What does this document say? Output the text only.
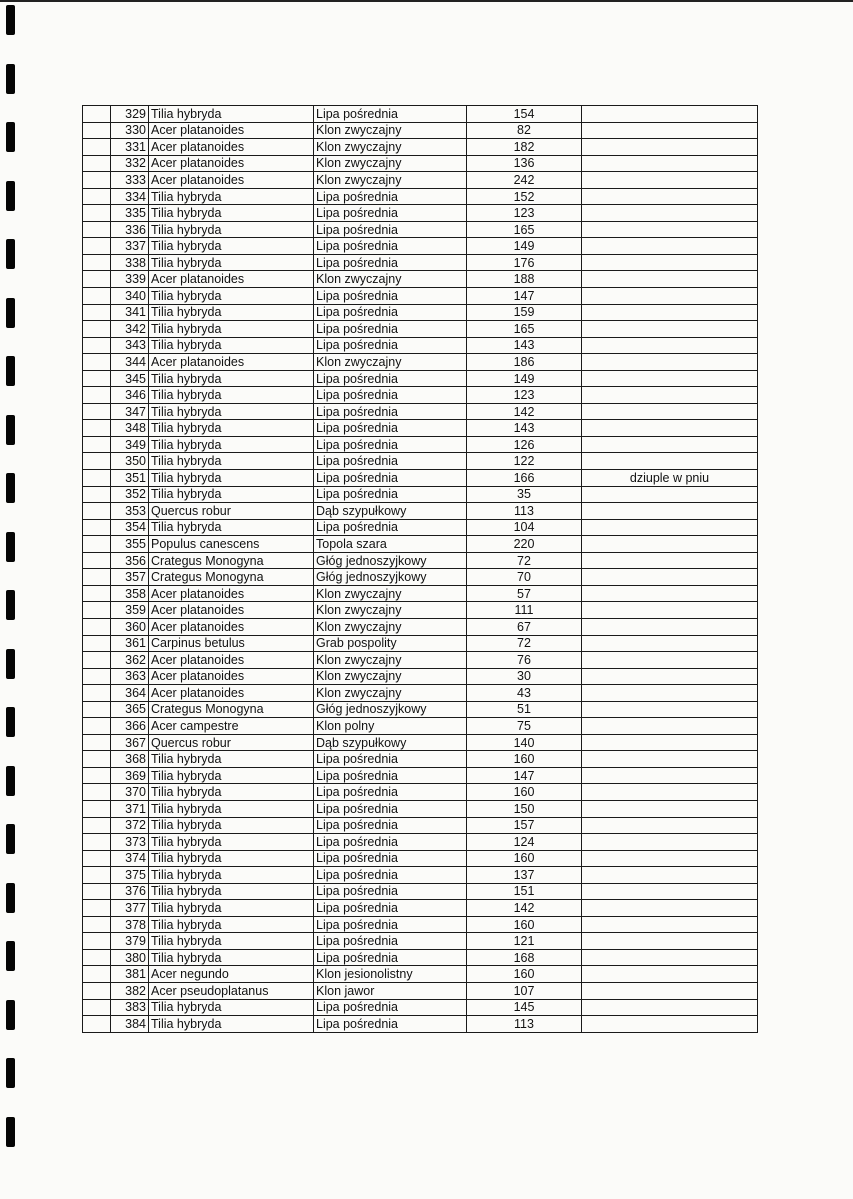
	329	Tilia hybryda	Lipa pośrednia	154	
	330	Acer platanoides	Klon zwyczajny	82	
	331	Acer platanoides	Klon zwyczajny	182	
	332	Acer platanoides	Klon zwyczajny	136	
	333	Acer platanoides	Klon zwyczajny	242	
	334	Tilia hybryda	Lipa pośrednia	152	
	335	Tilia hybryda	Lipa pośrednia	123	
	336	Tilia hybryda	Lipa pośrednia	165	
	337	Tilia hybryda	Lipa pośrednia	149	
	338	Tilia hybryda	Lipa pośrednia	176	
	339	Acer platanoides	Klon zwyczajny	188	
	340	Tilia hybryda	Lipa pośrednia	147	
	341	Tilia hybryda	Lipa pośrednia	159	
	342	Tilia hybryda	Lipa pośrednia	165	
	343	Tilia hybryda	Lipa pośrednia	143	
	344	Acer platanoides	Klon zwyczajny	186	
	345	Tilia hybryda	Lipa pośrednia	149	
	346	Tilia hybryda	Lipa pośrednia	123	
	347	Tilia hybryda	Lipa pośrednia	142	
	348	Tilia hybryda	Lipa pośrednia	143	
	349	Tilia hybryda	Lipa pośrednia	126	
	350	Tilia hybryda	Lipa pośrednia	122	
	351	Tilia hybryda	Lipa pośrednia	166	dziuple w pniu
	352	Tilia hybryda	Lipa pośrednia	35	
	353	Quercus robur	Dąb szypułkowy	113	
	354	Tilia hybryda	Lipa pośrednia	104	
	355	Populus canescens	Topola szara	220	
	356	Crategus Monogyna	Głóg jednoszyjkowy	72	
	357	Crategus Monogyna	Głóg jednoszyjkowy	70	
	358	Acer platanoides	Klon zwyczajny	57	
	359	Acer platanoides	Klon zwyczajny	111	
	360	Acer platanoides	Klon zwyczajny	67	
	361	Carpinus betulus	Grab pospolity	72	
	362	Acer platanoides	Klon zwyczajny	76	
	363	Acer platanoides	Klon zwyczajny	30	
	364	Acer platanoides	Klon zwyczajny	43	
	365	Crategus Monogyna	Głóg jednoszyjkowy	51	
	366	Acer campestre	Klon polny	75	
	367	Quercus robur	Dąb szypułkowy	140	
	368	Tilia hybryda	Lipa pośrednia	160	
	369	Tilia hybryda	Lipa pośrednia	147	
	370	Tilia hybryda	Lipa pośrednia	160	
	371	Tilia hybryda	Lipa pośrednia	150	
	372	Tilia hybryda	Lipa pośrednia	157	
	373	Tilia hybryda	Lipa pośrednia	124	
	374	Tilia hybryda	Lipa pośrednia	160	
	375	Tilia hybryda	Lipa pośrednia	137	
	376	Tilia hybryda	Lipa pośrednia	151	
	377	Tilia hybryda	Lipa pośrednia	142	
	378	Tilia hybryda	Lipa pośrednia	160	
	379	Tilia hybryda	Lipa pośrednia	121	
	380	Tilia hybryda	Lipa pośrednia	168	
	381	Acer negundo	Klon jesionolistny	160	
	382	Acer pseudoplatanus	Klon jawor	107	
	383	Tilia hybryda	Lipa pośrednia	145	
	384	Tilia hybryda	Lipa pośrednia	113	
